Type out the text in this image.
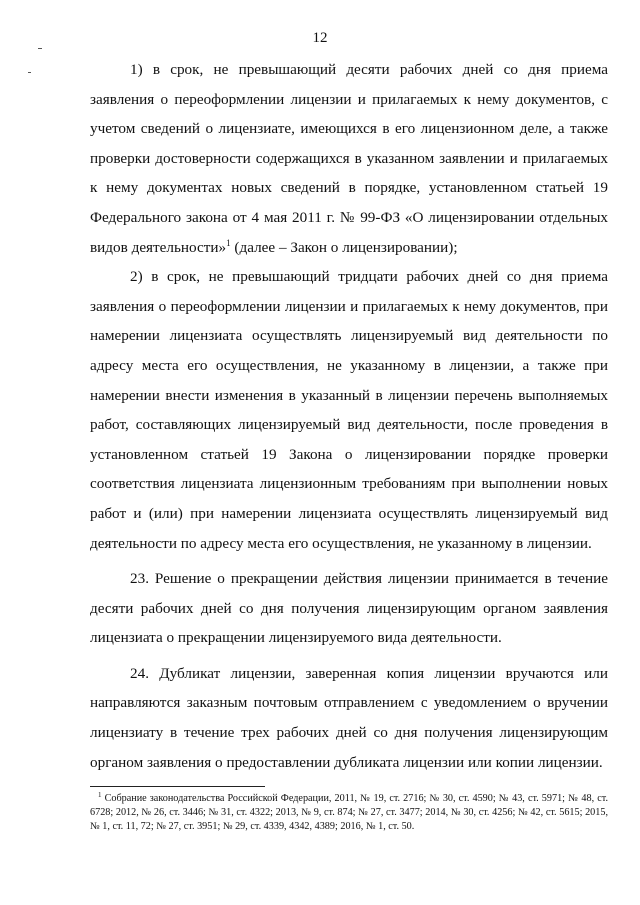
12

1) в срок, не превышающий десяти рабочих дней со дня приема заявления о переоформлении лицензии и прилагаемых к нему документов, с учетом сведений о лицензиате, имеющихся в его лицензионном деле, а также проверки достоверности содержащихся в указанном заявлении и прилагаемых к нему документах новых сведений в порядке, установленном статьей 19 Федерального закона от 4 мая 2011 г. № 99-ФЗ «О лицензировании отдельных видов деятельности»$^1$ (далее – Закон о лицензировании);

2) в срок, не превышающий тридцати рабочих дней со дня приема заявления о переоформлении лицензии и прилагаемых к нему документов, при намерении лицензиата осуществлять лицензируемый вид деятельности по адресу места его осуществления, не указанному в лицензии, а также при намерении внести изменения в указанный в лицензии перечень выполняемых работ, составляющих лицензируемый вид деятельности, после проведения в установленном статьей 19 Закона о лицензировании порядке проверки соответствия лицензиата лицензионным требованиям при выполнении новых работ и (или) при намерении лицензиата осуществлять лицензируемый вид деятельности по адресу места его осуществления, не указанному в лицензии.

23. Решение о прекращении действия лицензии принимается в течение десяти рабочих дней со дня получения лицензирующим органом заявления лицензиата о прекращении лицензируемого вида деятельности.

24. Дубликат лицензии, заверенная копия лицензии вручаются или направляются заказным почтовым отправлением с уведомлением о вручении лицензиату в течение трех рабочих дней со дня получения лицензирующим органом заявления о предоставлении дубликата лицензии или копии лицензии.

$^1$ Собрание законодательства Российской Федерации, 2011, № 19, ст. 2716; № 30, ст. 4590; № 43, ст. 5971; № 48, ст. 6728; 2012, № 26, ст. 3446; № 31, ст. 4322; 2013, № 9, ст. 874; № 27, ст. 3477; 2014, № 30, ст. 4256; № 42, ст. 5615; 2015, № 1, ст. 11, 72; № 27, ст. 3951; № 29, ст. 4339, 4342, 4389; 2016, № 1, ст. 50.
